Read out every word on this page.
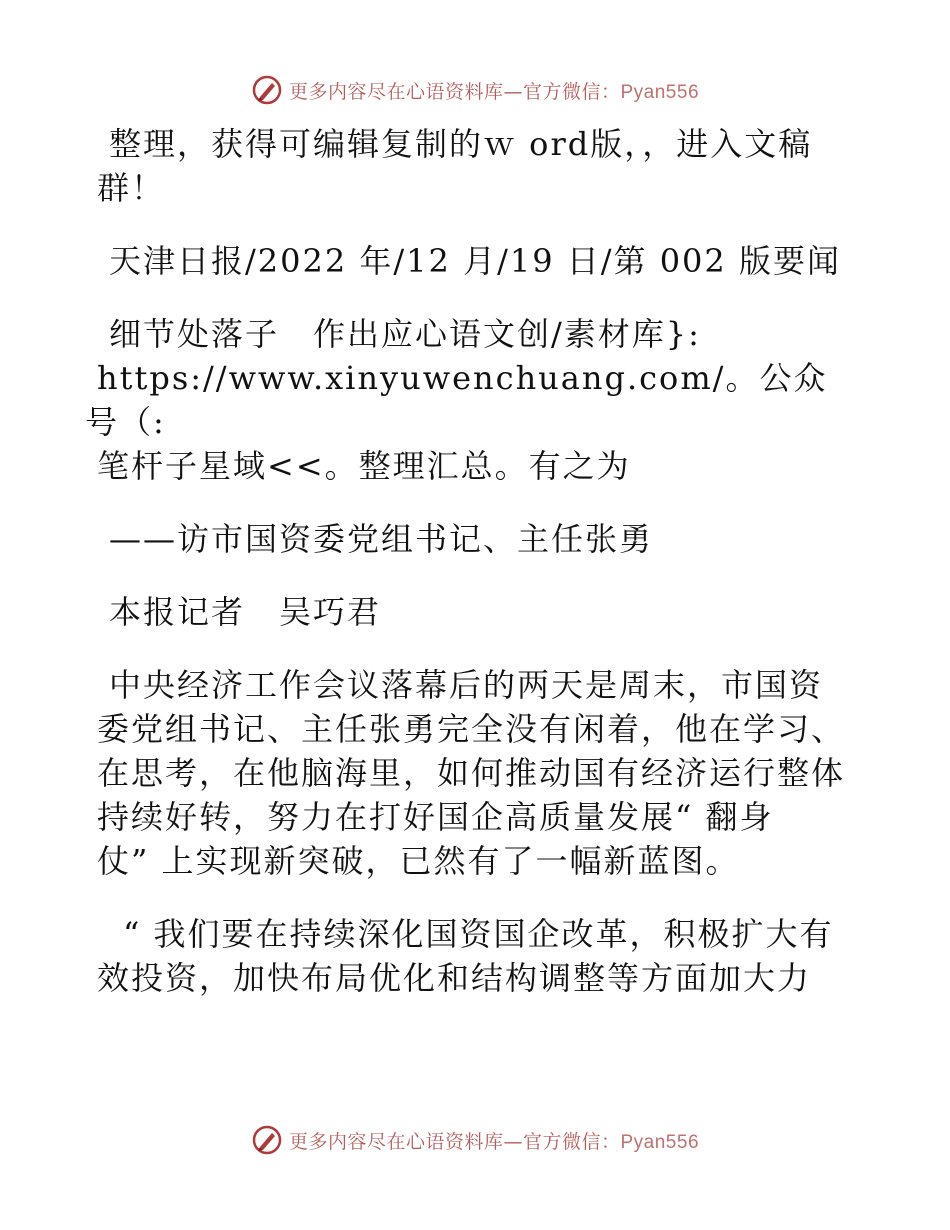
更多内容尽在心语资料库—官方微信：Pyan556

整理，获得可编辑复制的ｗ ord版，，进入文稿
群！

天津日报/2022 年/12 月/19 日/第 002 版要闻

细节处落子　作出应心语文创/素材库}:
https://www.xinyuwenchuang.com/。公众号（:
笔杆子星域<<。整理汇总。有之为

——访市国资委党组书记、主任张勇

本报记者　吴巧君

中央经济工作会议落幕后的两天是周末，市国资
委党组书记、主任张勇完全没有闲着，他在学习、
在思考，在他脑海里，如何推动国有经济运行整体
持续好转，努力在打好国企高质量发展“ 翻身
仗” 上实现新突破，已然有了一幅新蓝图。

“ 我们要在持续深化国资国企改革，积极扩大有
效投资，加快布局优化和结构调整等方面加大力

更多内容尽在心语资料库—官方微信：Pyan556
